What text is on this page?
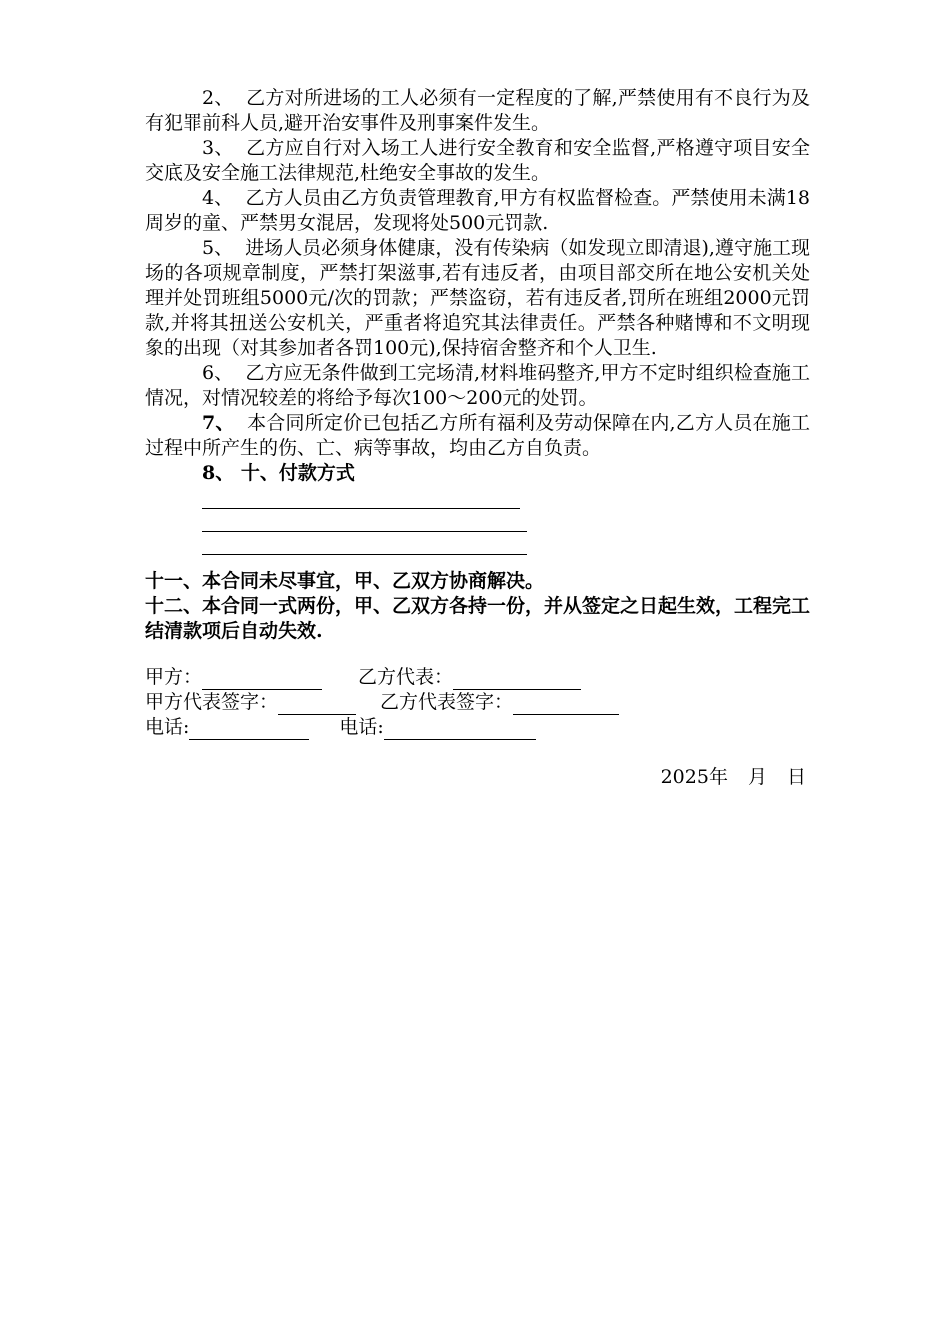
2、 乙方对所进场的工人必须有一定程度的了解,严禁使用有不良行为及有犯罪前科人员,避开治安事件及刑事案件发生。

3、 乙方应自行对入场工人进行安全教育和安全监督,严格遵守项目安全交底及安全施工法律规范,杜绝安全事故的发生。

4、 乙方人员由乙方负责管理教育,甲方有权监督检查。严禁使用未满18周岁的童、严禁男女混居，发现将处500元罚款.

5、 进场人员必须身体健康，没有传染病（如发现立即清退),遵守施工现场的各项规章制度，严禁打架滋事,若有违反者，由项目部交所在地公安机关处理并处罚班组5000元/次的罚款；严禁盗窃，若有违反者,罚所在班组2000元罚款,并将其扭送公安机关，严重者将追究其法律责任。严禁各种赌博和不文明现象的出现（对其参加者各罚100元),保持宿舍整齐和个人卫生.

6、 乙方应无条件做到工完场清,材料堆码整齐,甲方不定时组织检查施工情况，对情况较差的将给予每次100～200元的处罚。

7、 本合同所定价已包括乙方所有福利及劳动保障在内,乙方人员在施工过程中所产生的伤、亡、病等事故，均由乙方自负责。

8、 十、付款方式

十一、本合同未尽事宜，甲、乙双方协商解决。

十二、本合同一式两份，甲、乙双方各持一份，并从签定之日起生效，工程完工结清款项后自动失效.

甲方：	乙方代表：
甲方代表签字：	乙方代表签字：
电话:	电话:
2025年 月 日
